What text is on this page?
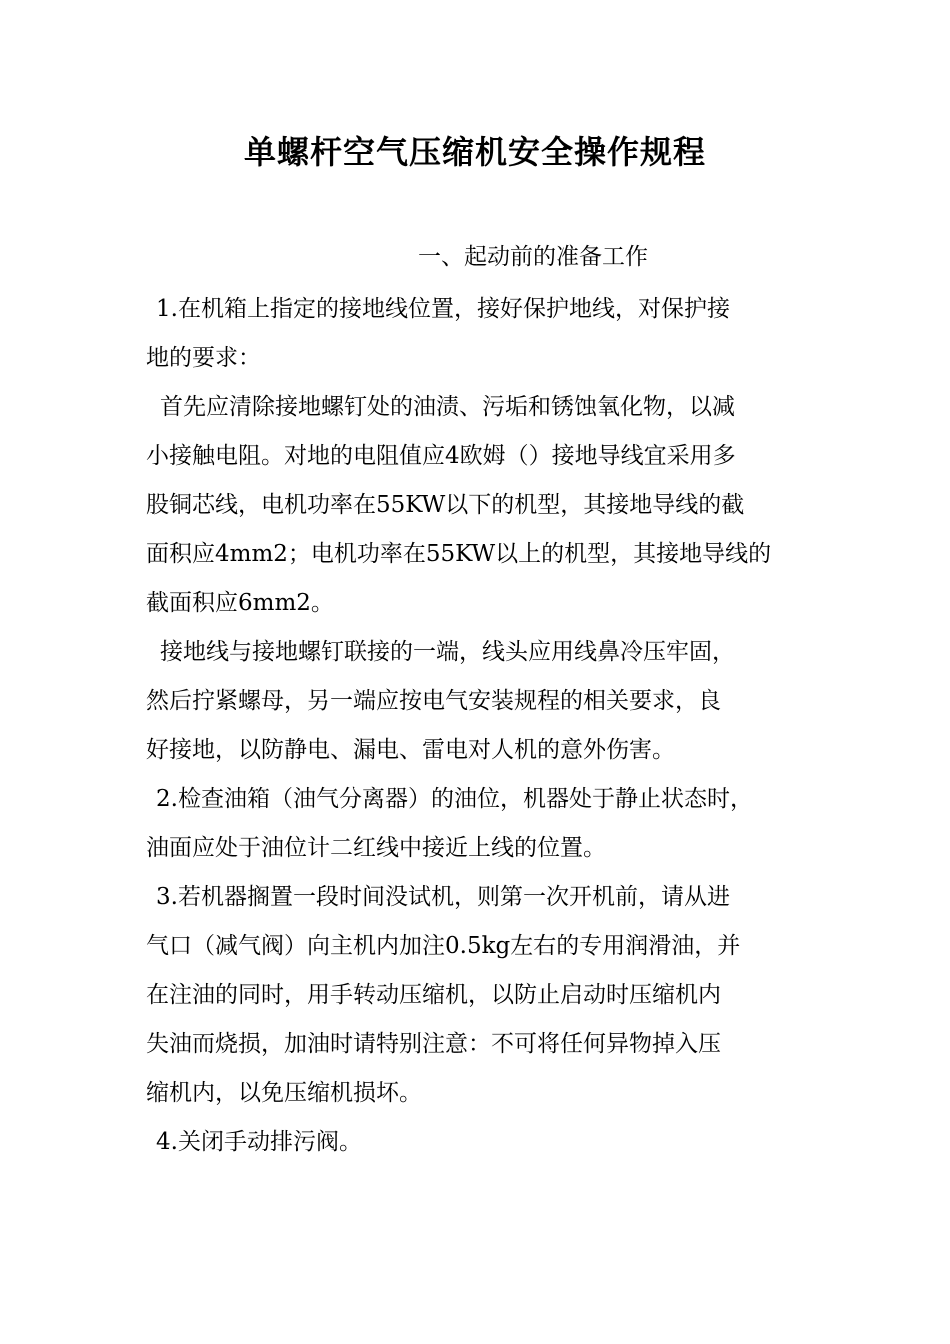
单螺杆空气压缩机安全操作规程
一、起动前的准备工作
1.在机箱上指定的接地线位置，接好保护地线，对保护接
地的要求：
首先应清除接地螺钉处的油渍、污垢和锈蚀氧化物，以减
小接触电阻。对地的电阻值应4欧姆（）接地导线宜采用多
股铜芯线，电机功率在55KW以下的机型，其接地导线的截
面积应4mm2；电机功率在55KW以上的机型，其接地导线的
截面积应6mm2。
接地线与接地螺钉联接的一端，线头应用线鼻冷压牢固，
然后拧紧螺母，另一端应按电气安装规程的相关要求，良
好接地，以防静电、漏电、雷电对人机的意外伤害。
2.检查油箱（油气分离器）的油位，机器处于静止状态时，
油面应处于油位计二红线中接近上线的位置。
3.若机器搁置一段时间没试机，则第一次开机前，请从进
气口（减气阀）向主机内加注0.5kg左右的专用润滑油，并
在注油的同时，用手转动压缩机，以防止启动时压缩机内
失油而烧损，加油时请特别注意：不可将任何异物掉入压
缩机内，以免压缩机损坏。
4.关闭手动排污阀。
